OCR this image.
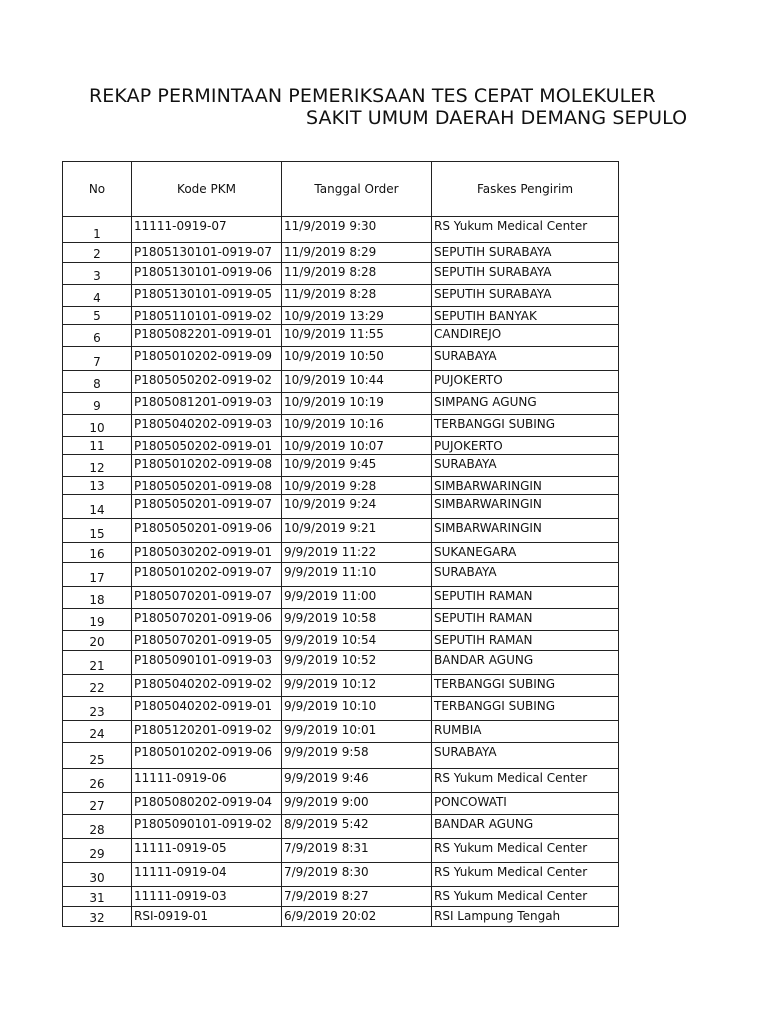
REKAP PERMINTAAN PEMERIKSAAN TES CEPAT MOLEKULER
SAKIT UMUM DAERAH DEMANG SEPULO
No	Kode PKM	Tanggal Order	Faskes Pengirim
1	11111-0919-07	11/9/2019 9:30	RS Yukum Medical Center
2	P1805130101-0919-07	11/9/2019 8:29	SEPUTIH SURABAYA
3	P1805130101-0919-06	11/9/2019 8:28	SEPUTIH SURABAYA
4	P1805130101-0919-05	11/9/2019 8:28	SEPUTIH SURABAYA
5	P1805110101-0919-02	10/9/2019 13:29	SEPUTIH BANYAK
6	P1805082201-0919-01	10/9/2019 11:55	CANDIREJO
7	P1805010202-0919-09	10/9/2019 10:50	SURABAYA
8	P1805050202-0919-02	10/9/2019 10:44	PUJOKERTO
9	P1805081201-0919-03	10/9/2019 10:19	SIMPANG AGUNG
10	P1805040202-0919-03	10/9/2019 10:16	TERBANGGI SUBING
11	P1805050202-0919-01	10/9/2019 10:07	PUJOKERTO
12	P1805010202-0919-08	10/9/2019 9:45	SURABAYA
13	P1805050201-0919-08	10/9/2019 9:28	SIMBARWARINGIN
14	P1805050201-0919-07	10/9/2019 9:24	SIMBARWARINGIN
15	P1805050201-0919-06	10/9/2019 9:21	SIMBARWARINGIN
16	P1805030202-0919-01	9/9/2019 11:22	SUKANEGARA
17	P1805010202-0919-07	9/9/2019 11:10	SURABAYA
18	P1805070201-0919-07	9/9/2019 11:00	SEPUTIH RAMAN
19	P1805070201-0919-06	9/9/2019 10:58	SEPUTIH RAMAN
20	P1805070201-0919-05	9/9/2019 10:54	SEPUTIH RAMAN
21	P1805090101-0919-03	9/9/2019 10:52	BANDAR AGUNG
22	P1805040202-0919-02	9/9/2019 10:12	TERBANGGI SUBING
23	P1805040202-0919-01	9/9/2019 10:10	TERBANGGI SUBING
24	P1805120201-0919-02	9/9/2019 10:01	RUMBIA
25	P1805010202-0919-06	9/9/2019 9:58	SURABAYA
26	11111-0919-06	9/9/2019 9:46	RS Yukum Medical Center
27	P1805080202-0919-04	9/9/2019 9:00	PONCOWATI
28	P1805090101-0919-02	8/9/2019 5:42	BANDAR AGUNG
29	11111-0919-05	7/9/2019 8:31	RS Yukum Medical Center
30	11111-0919-04	7/9/2019 8:30	RS Yukum Medical Center
31	11111-0919-03	7/9/2019 8:27	RS Yukum Medical Center
32	RSI-0919-01	6/9/2019 20:02	RSI Lampung Tengah
